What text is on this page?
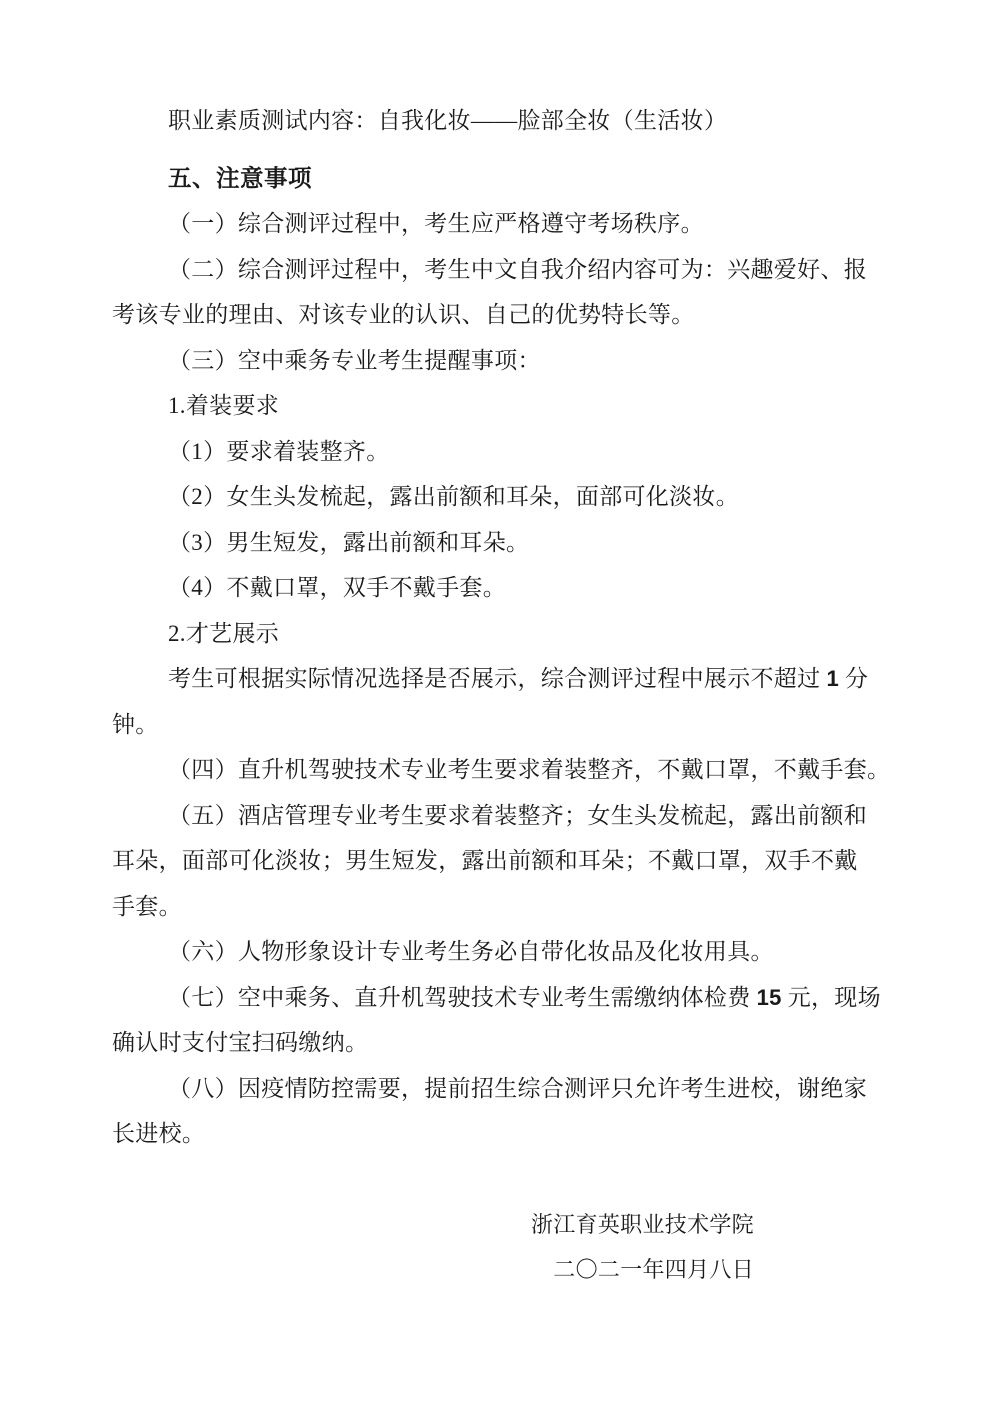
职业素质测试内容：自我化妆——脸部全妆（生活妆）

五、注意事项

（一）综合测评过程中，考生应严格遵守考场秩序。

（二）综合测评过程中，考生中文自我介绍内容可为：兴趣爱好、报

考该专业的理由、对该专业的认识、自己的优势特长等。

（三）空中乘务专业考生提醒事项：

1.着装要求

（1）要求着装整齐。

（2）女生头发梳起，露出前额和耳朵，面部可化淡妆。

（3）男生短发，露出前额和耳朵。

（4）不戴口罩，双手不戴手套。

2.才艺展示

考生可根据实际情况选择是否展示，综合测评过程中展示不超过 1 分

钟。

（四）直升机驾驶技术专业考生要求着装整齐，不戴口罩，不戴手套。

（五）酒店管理专业考生要求着装整齐；女生头发梳起，露出前额和

耳朵，面部可化淡妆；男生短发，露出前额和耳朵；不戴口罩，双手不戴

手套。

（六）人物形象设计专业考生务必自带化妆品及化妆用具。

（七）空中乘务、直升机驾驶技术专业考生需缴纳体检费 15 元，现场

确认时支付宝扫码缴纳。

（八）因疫情防控需要，提前招生综合测评只允许考生进校，谢绝家

长进校。

浙江育英职业技术学院

二〇二一年四月八日
